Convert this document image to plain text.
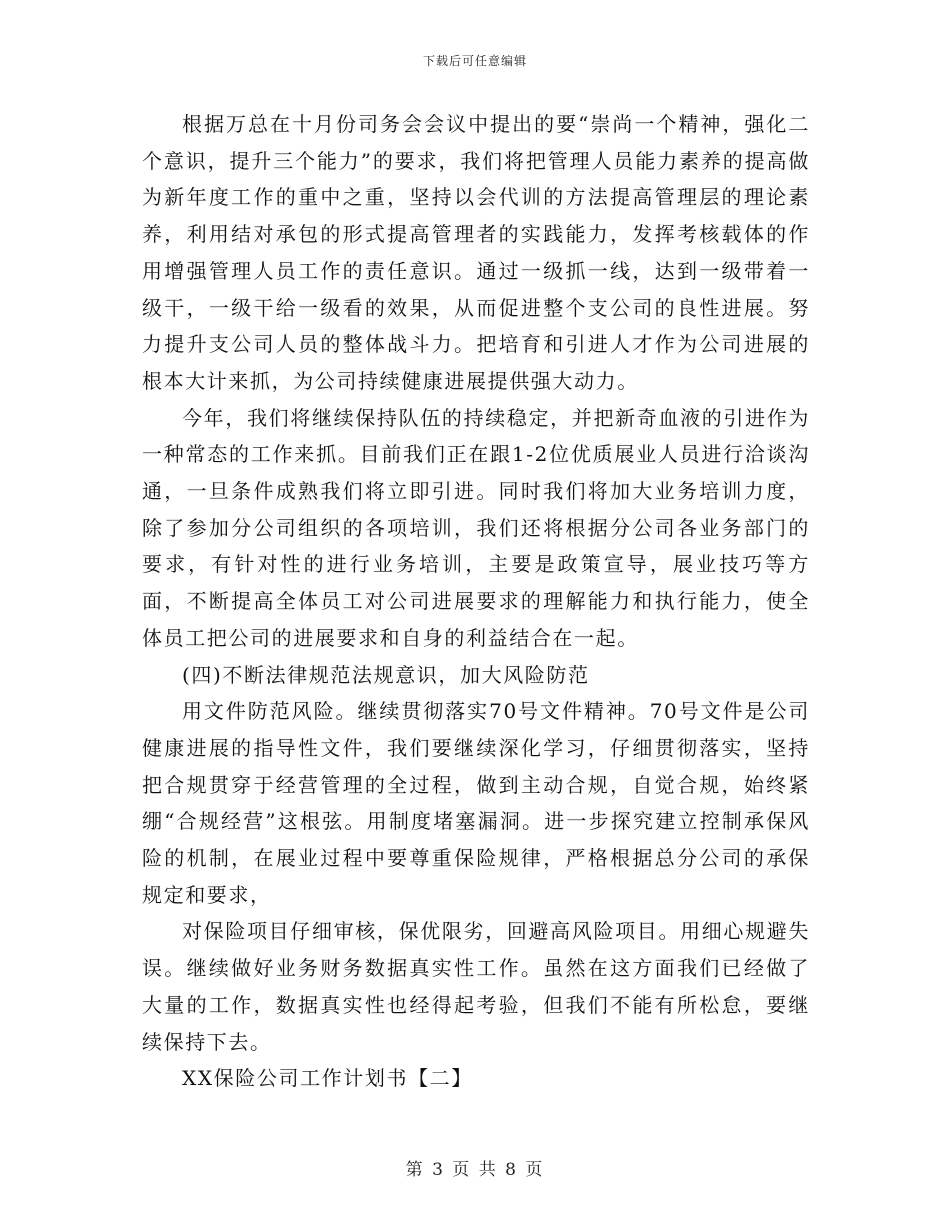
下载后可任意编辑

根据万总在十月份司务会会议中提出的要“崇尚一个精神，强化二个意识，提升三个能力”的要求，我们将把管理人员能力素养的提高做为新年度工作的重中之重，坚持以会代训的方法提高管理层的理论素养，利用结对承包的形式提高管理者的实践能力，发挥考核载体的作用增强管理人员工作的责任意识。通过一级抓一线，达到一级带着一级干，一级干给一级看的效果，从而促进整个支公司的良性进展。努力提升支公司人员的整体战斗力。把培育和引进人才作为公司进展的根本大计来抓，为公司持续健康进展提供强大动力。

今年，我们将继续保持队伍的持续稳定，并把新奇血液的引进作为一种常态的工作来抓。目前我们正在跟1-2位优质展业人员进行洽谈沟通，一旦条件成熟我们将立即引进。同时我们将加大业务培训力度，除了参加分公司组织的各项培训，我们还将根据分公司各业务部门的要求，有针对性的进行业务培训，主要是政策宣导，展业技巧等方面，不断提高全体员工对公司进展要求的理解能力和执行能力，使全体员工把公司的进展要求和自身的利益结合在一起。

(四)不断法律规范法规意识，加大风险防范

用文件防范风险。继续贯彻落实70号文件精神。70号文件是公司健康进展的指导性文件，我们要继续深化学习，仔细贯彻落实，坚持把合规贯穿于经营管理的全过程，做到主动合规，自觉合规，始终紧绷“合规经营”这根弦。用制度堵塞漏洞。进一步探究建立控制承保风险的机制，在展业过程中要尊重保险规律，严格根据总分公司的承保规定和要求，

对保险项目仔细审核，保优限劣，回避高风险项目。用细心规避失误。继续做好业务财务数据真实性工作。虽然在这方面我们已经做了大量的工作，数据真实性也经得起考验，但我们不能有所松怠，要继续保持下去。

XX保险公司工作计划书【二】

第 3 页 共 8 页
